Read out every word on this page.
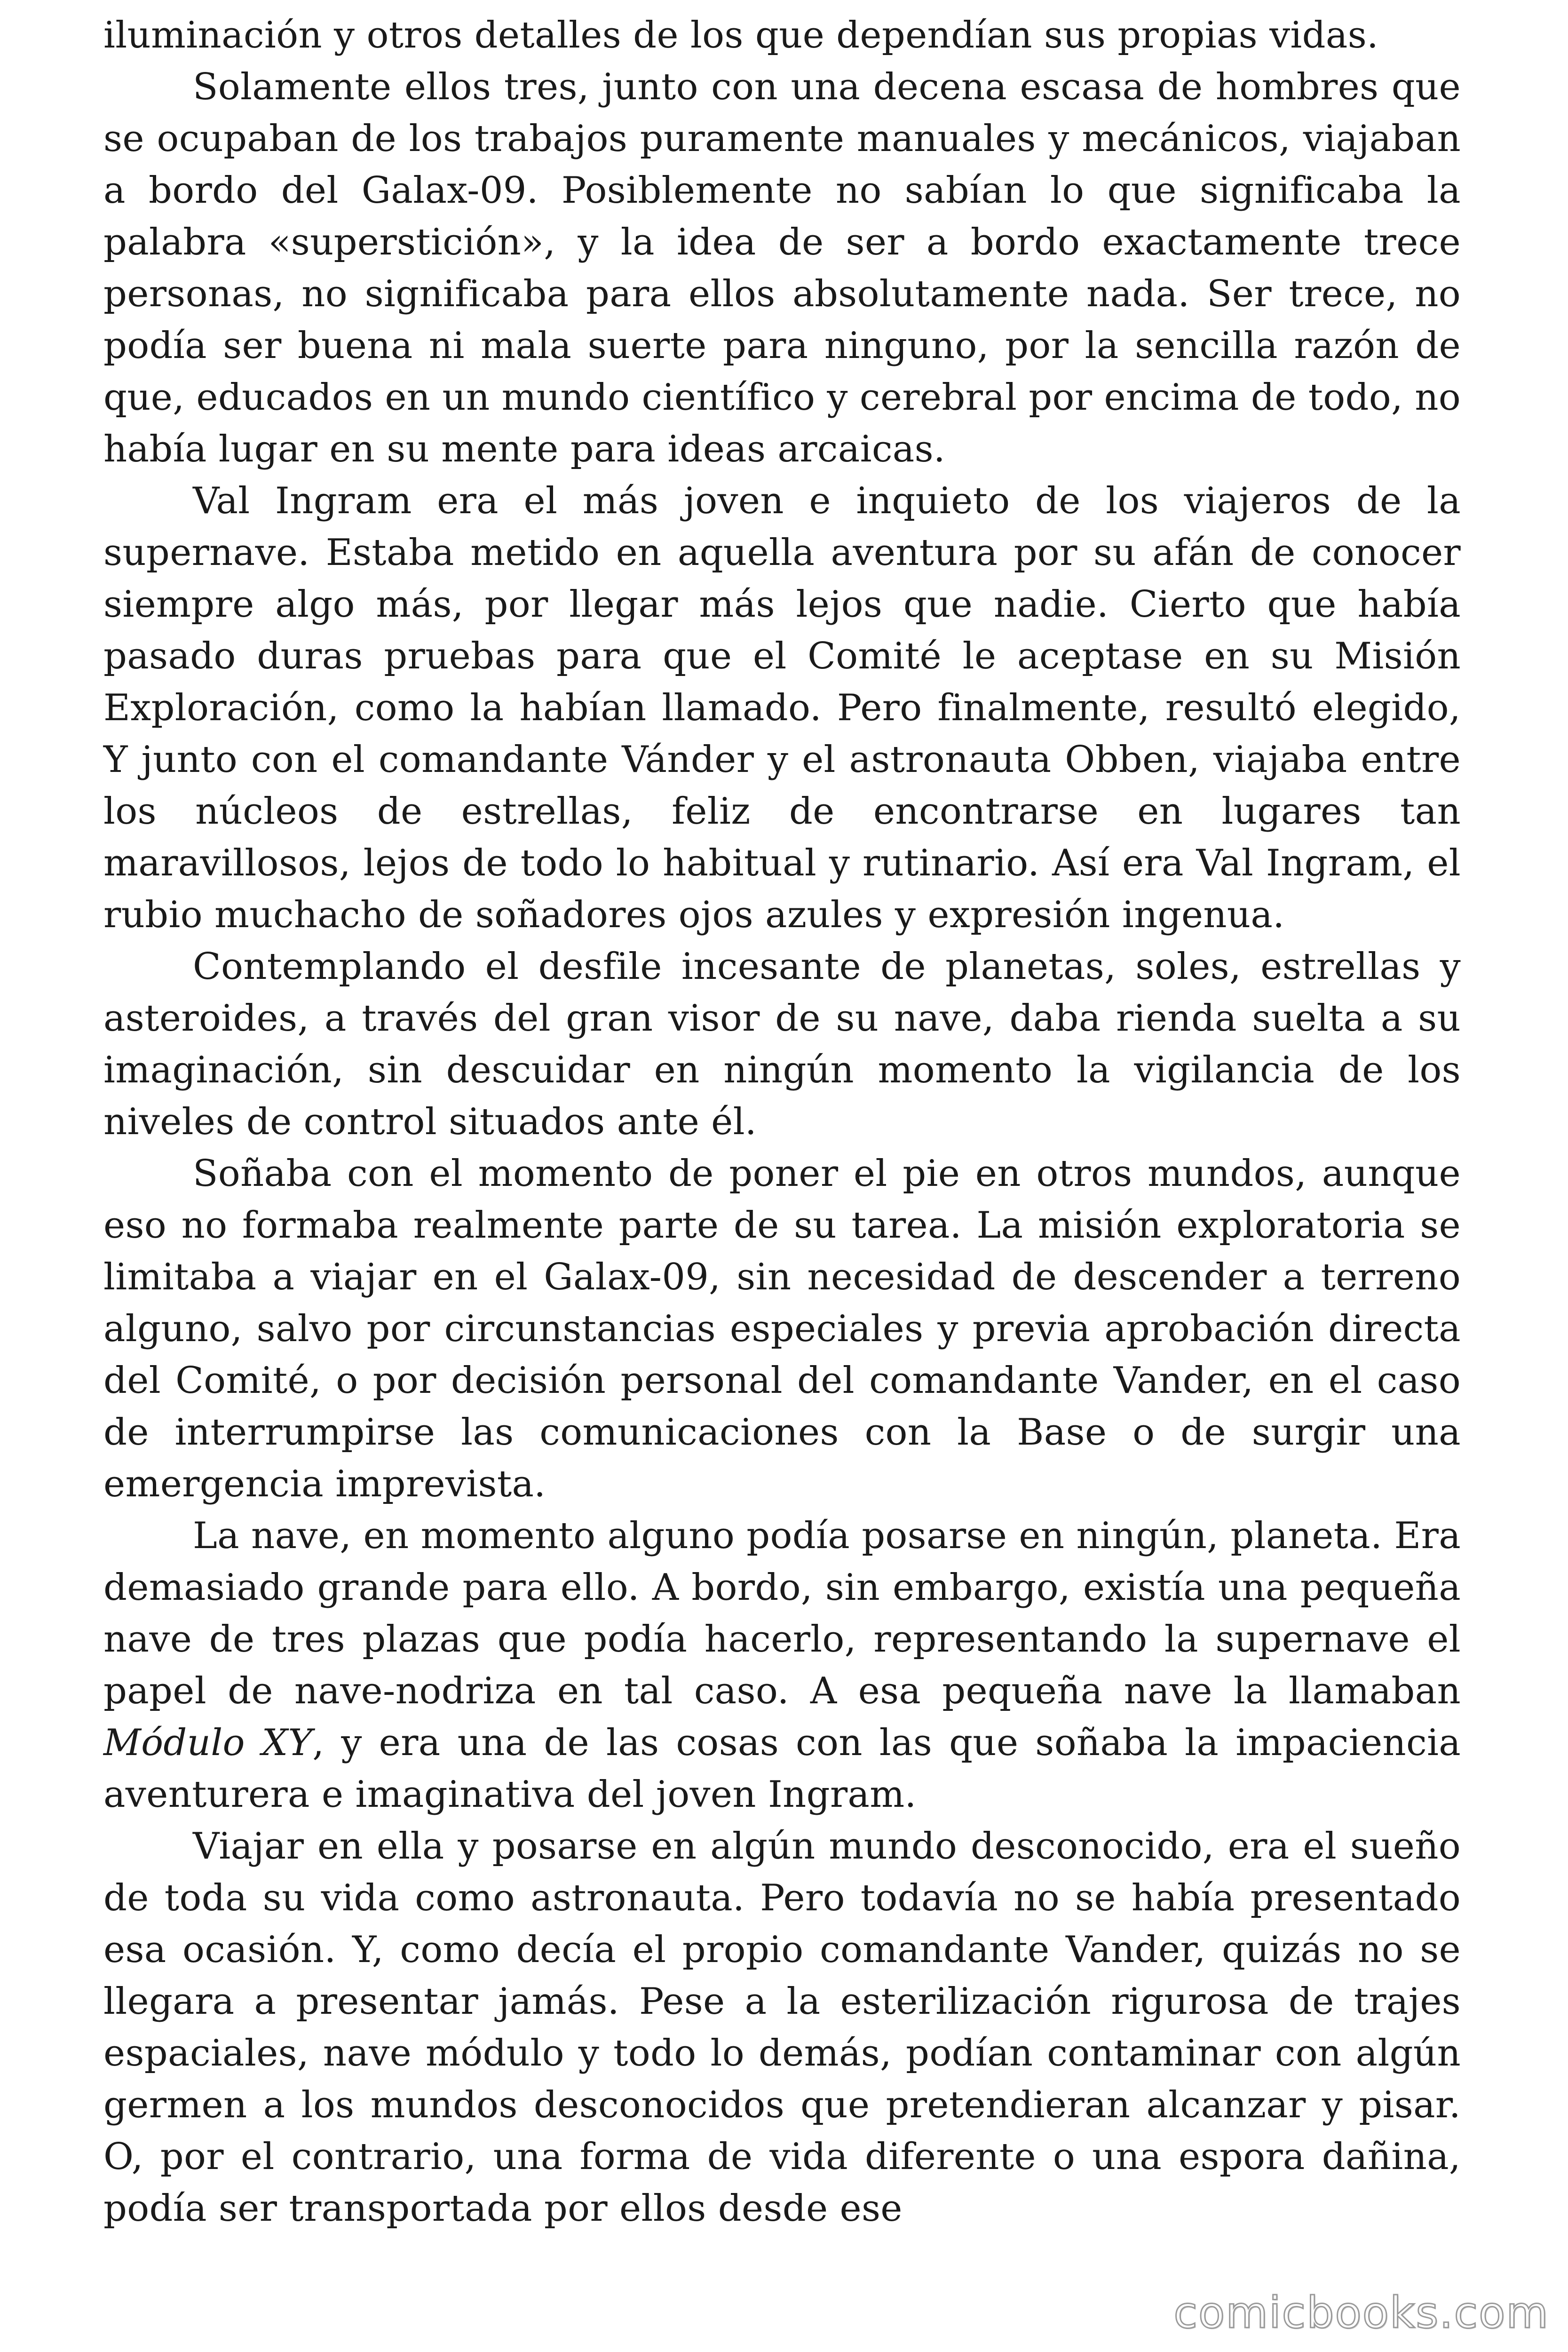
iluminación y otros detalles de los que dependían sus propias vidas.

Solamente ellos tres, junto con una decena escasa de hombres que se ocupaban de los trabajos puramente manuales y mecánicos, viajaban a bordo del Galax-09. Posiblemente no sabían lo que significaba la palabra «superstición», y la idea de ser a bordo exactamente trece personas, no significaba para ellos absolutamente nada. Ser trece, no podía ser buena ni mala suerte para ninguno, por la sencilla razón de que, educados en un mundo científico y cerebral por encima de todo, no había lugar en su mente para ideas arcaicas.

Val Ingram era el más joven e inquieto de los viajeros de la supernave. Estaba metido en aquella aventura por su afán de conocer siempre algo más, por llegar más lejos que nadie. Cierto que había pasado duras pruebas para que el Comité le aceptase en su Misión Exploración, como la habían llamado. Pero finalmente, resultó elegido, Y junto con el comandante Vánder y el astronauta Obben, viajaba entre los núcleos de estrellas, feliz de encontrarse en lugares tan maravillosos, lejos de todo lo habitual y rutinario. Así era Val Ingram, el rubio muchacho de soñadores ojos azules y expresión ingenua.

Contemplando el desfile incesante de planetas, soles, estrellas y asteroides, a través del gran visor de su nave, daba rienda suelta a su imaginación, sin descuidar en ningún momento la vigilancia de los niveles de control situados ante él.

Soñaba con el momento de poner el pie en otros mundos, aunque eso no formaba realmente parte de su tarea. La misión exploratoria se limitaba a viajar en el Galax-09, sin necesidad de descender a terreno alguno, salvo por circunstancias especiales y previa aprobación directa del Comité, o por decisión personal del comandante Vander, en el caso de interrumpirse las comunicaciones con la Base o de surgir una emergencia imprevista.

La nave, en momento alguno podía posarse en ningún, planeta. Era demasiado grande para ello. A bordo, sin embargo, existía una pequeña nave de tres plazas que podía hacerlo, representando la supernave el papel de nave-nodriza en tal caso. A esa pequeña nave la llamaban Módulo XY, y era una de las cosas con las que soñaba la impaciencia aventurera e imaginativa del joven Ingram.

Viajar en ella y posarse en algún mundo desconocido, era el sueño de toda su vida como astronauta. Pero todavía no se había presentado esa ocasión. Y, como decía el propio comandante Vander, quizás no se llegara a presentar jamás. Pese a la esterilización rigurosa de trajes espaciales, nave módulo y todo lo demás, podían contaminar con algún germen a los mundos desconocidos que pretendieran alcanzar y pisar. O, por el contrario, una forma de vida diferente o una espora dañina, podía ser transportada por ellos desde ese

comicbooks.com
